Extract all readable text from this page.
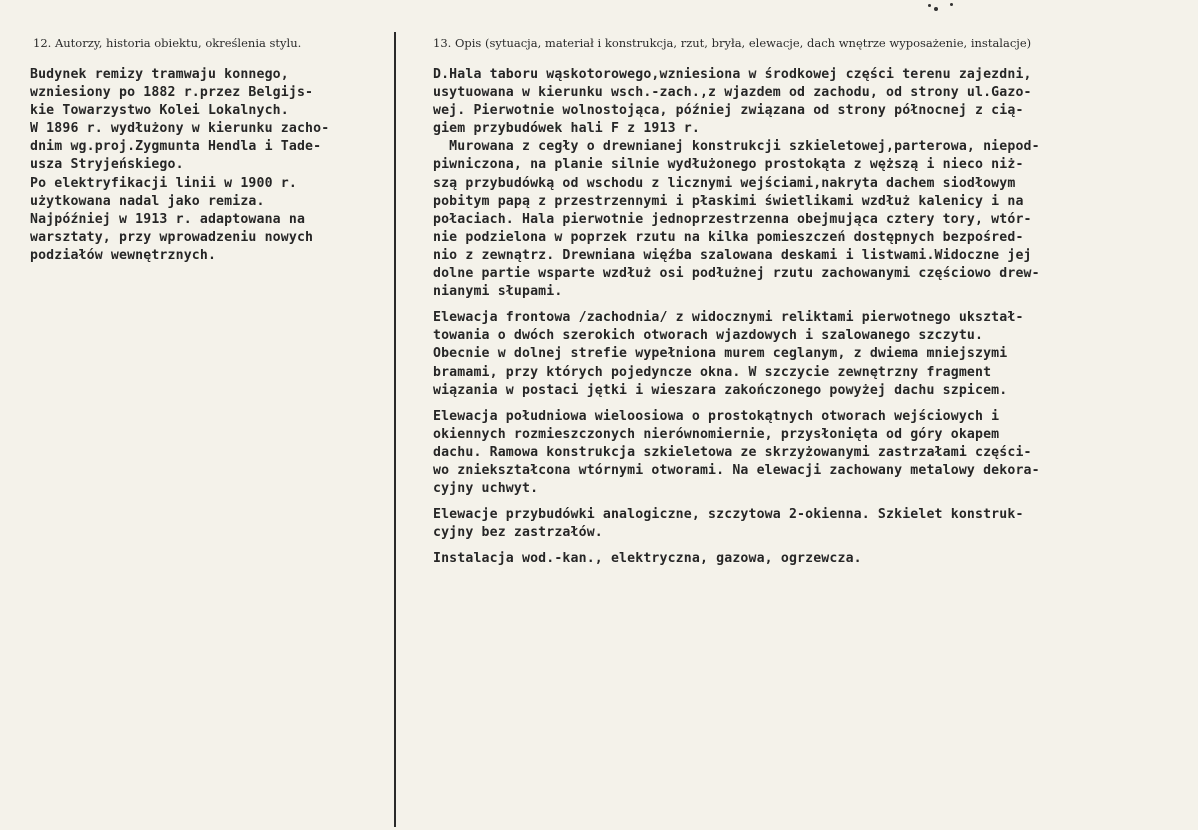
12. Autorzy, historia obiektu, określenia stylu.	13. Opis (sytuacja, materiał i konstrukcja, rzut, bryła, elewacje, dach wnętrze wyposażenie, instalacje)
Budynek remizy tramwaju konnego,
wzniesiony po 1882 r.przez Belgijs-
kie Towarzystwo Kolei Lokalnych.
W 1896 r. wydłużony w kierunku zacho-
dnim wg.proj.Zygmunta Hendla i Tade-
usza Stryjeńskiego.
Po elektryfikacji linii w 1900 r.
użytkowana nadal jako remiza.
Najpóźniej w 1913 r. adaptowana na
warsztaty, przy wprowadzeniu nowych
podziałów wewnętrznych.
D.Hala taboru wąskotorowego,wzniesiona w środkowej części terenu zajezdni,
usytuowana w kierunku wsch.-zach.,z wjazdem od zachodu, od strony ul.Gazo-
wej. Pierwotnie wolnostojąca, później związana od strony północnej z cią-
giem przybudówek hali F z 1913 r.
Murowana z cegły o drewnianej konstrukcji szkieletowej,parterowa, niepod-
piwniczona, na planie silnie wydłużonego prostokąta z węższą i nieco niż-
szą przybudówką od wschodu z licznymi wejściami,nakryta dachem siodłowym
pobitym papą z przestrzennymi i płaskimi świetlikami wzdłuż kalenicy i na
połaciach. Hala pierwotnie jednoprzestrzenna obejmująca cztery tory, wtór-
nie podzielona w poprzek rzutu na kilka pomieszczeń dostępnych bezpośred-
nio z zewnątrz. Drewniana więźba szalowana deskami i listwami.Widoczne jej
dolne partie wsparte wzdłuż osi podłużnej rzutu zachowanymi częściowo drew-
nianymi słupami.
Elewacja frontowa /zachodnia/ z widocznymi reliktami pierwotnego ukształ-
towania o dwóch szerokich otworach wjazdowych i szalowanego szczytu.
Obecnie w dolnej strefie wypełniona murem ceglanym, z dwiema mniejszymi
bramami, przy których pojedyncze okna. W szczycie zewnętrzny fragment
wiązania w postaci jętki i wieszara zakończonego powyżej dachu szpicem.
Elewacja południowa wieloosiowa o prostokątnych otworach wejściowych i
okiennych rozmieszczonych nierównomiernie, przysłonięta od góry okapem
dachu. Ramowa konstrukcja szkieletowa ze skrzyżowanymi zastrzałami części-
wo zniekształcona wtórnymi otworami. Na elewacji zachowany metalowy dekora-
cyjny uchwyt.
Elewacje przybudówki analogiczne, szczytowa 2-okienna. Szkielet konstruk-
cyjny bez zastrzałów.
Instalacja wod.-kan., elektryczna, gazowa, ogrzewcza.
